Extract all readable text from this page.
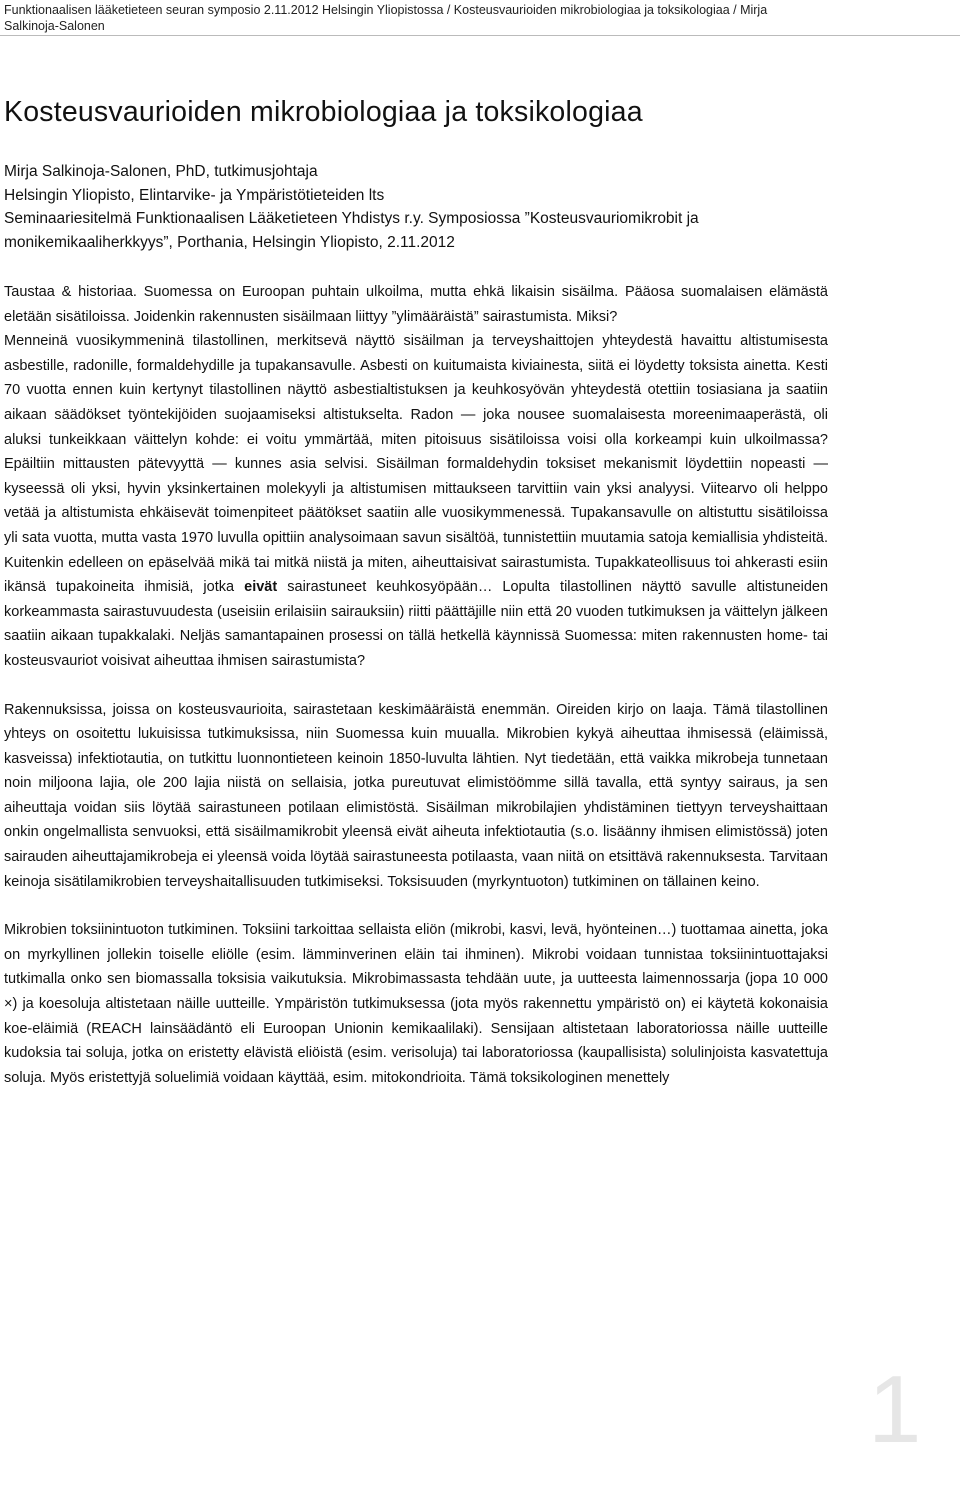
Funktionaalisen lääketieteen seuran symposio 2.11.2012 Helsingin Yliopistossa / Kosteusvaurioiden mikrobiologiaa ja toksikologiaa / Mirja
Salkinoja-Salonen
Kosteusvaurioiden mikrobiologiaa ja toksikologiaa
Mirja Salkinoja-Salonen, PhD, tutkimusjohtaja
Helsingin Yliopisto, Elintarvike- ja Ympäristötieteiden lts
Seminaariesitelmä Funktionaalisen Lääketieteen Yhdistys r.y. Symposiossa ”Kosteusvauriomikrobit ja
monikemikaaliherkkyys”, Porthania, Helsingin Yliopisto, 2.11.2012

Taustaa & historiaa. Suomessa on Euroopan puhtain ulkoilma, mutta ehkä likaisin sisäilma. Pääosa suomalaisen elämästä eletään sisätiloissa. Joidenkin rakennusten sisäilmaan liittyy ”ylimääräistä” sairastumista. Miksi?

Menneinä vuosikymmeninä tilastollinen, merkitsevä näyttö sisäilman ja terveyshaittojen yhteydestä havaittu altistumisesta asbestille, radonille, formaldehydille ja tupakansavulle. Asbesti on kuitumaista kiviainesta, siitä ei löydetty toksista ainetta. Kesti 70 vuotta ennen kuin kertynyt tilastollinen näyttö asbestialtistuksen ja keuhkosyövän yhteydestä otettiin tosiasiana ja saatiin aikaan säädökset työntekijöiden suojaamiseksi altistukselta. Radon — joka nousee suomalaisesta moreenimaaperästä, oli aluksi tunkeikkaan väittelyn kohde: ei voitu ymmärtää, miten pitoisuus sisätiloissa voisi olla korkeampi kuin ulkoilmassa? Epäiltiin mittausten pätevyyttä — kunnes asia selvisi. Sisäilman formaldehydin toksiset mekanismit löydettiin nopeasti — kyseessä oli yksi, hyvin yksinkertainen molekyyli ja altistumisen mittaukseen tarvittiin vain yksi analyysi. Viitearvo oli helppo vetää ja altistumista ehkäisevät toimenpiteet päätökset saatiin alle vuosikymmenessä. Tupakansavulle on altistuttu sisätiloissa yli sata vuotta, mutta vasta 1970 luvulla opittiin analysoimaan savun sisältöä, tunnistettiin muutamia satoja kemiallisia yhdisteitä. Kuitenkin edelleen on epäselvää mikä tai mitkä niistä ja miten, aiheuttaisivat sairastumista. Tupakkateollisuus toi ahkerasti esiin ikänsä tupakoineita ihmisiä, jotka eivät sairastuneet keuhkosyöpään… Lopulta tilastollinen näyttö savulle altistuneiden korkeammasta sairastuvuudesta (useisiin erilaisiin sairauksiin) riitti päättäjille niin että 20 vuoden tutkimuksen ja väittelyn jälkeen saatiin aikaan tupakkalaki. Neljäs samantapainen prosessi on tällä hetkellä käynnissä Suomessa: miten rakennusten home- tai kosteusvauriot voisivat aiheuttaa ihmisen sairastumista?

Rakennuksissa, joissa on kosteusvaurioita, sairastetaan keskimääräistä enemmän. Oireiden kirjo on laaja. Tämä tilastollinen yhteys on osoitettu lukuisissa tutkimuksissa, niin Suomessa kuin muualla. Mikrobien kykyä aiheuttaa ihmisessä (eläimissä, kasveissa) infektiotautia, on tutkittu luonnontieteen keinoin 1850-luvulta lähtien. Nyt tiedetään, että vaikka mikrobeja tunnetaan noin miljoona lajia, ole 200 lajia niistä on sellaisia, jotka pureutuvat elimistöömme sillä tavalla, että syntyy sairaus, ja sen aiheuttaja voidan siis löytää sairastuneen potilaan elimistöstä. Sisäilman mikrobilajien yhdistäminen tiettyyn terveyshaittaan onkin ongelmallista senvuoksi, että sisäilmamikrobit yleensä eivät aiheuta infektiotautia (s.o. lisäänny ihmisen elimistössä) joten sairauden aiheuttajamikrobeja ei yleensä voida löytää sairastuneesta potilaasta, vaan niitä on etsittävä rakennuksesta. Tarvitaan keinoja sisätilamikrobien terveyshaitallisuuden tutkimiseksi. Toksisuuden (myrkyntuoton) tutkiminen on tällainen keino.

Mikrobien toksiinintuoton tutkiminen. Toksiini tarkoittaa sellaista eliön (mikrobi, kasvi, levä, hyönteinen…) tuottamaa ainetta, joka on myrkyllinen jollekin toiselle eliölle (esim. lämminverinen eläin tai ihminen). Mikrobi voidaan tunnistaa toksiinintuottajaksi tutkimalla onko sen biomassalla toksisia vaikutuksia. Mikrobimassasta tehdään uute, ja uutteesta laimennossarja (jopa 10 000 ×) ja koesoluja altistetaan näille uutteille. Ympäristön tutkimuksessa (jota myös rakennettu ympäristö on) ei käytetä kokonaisia koe-eläimiä (REACH lainsäädäntö eli Euroopan Unionin kemikaalilaki). Sensijaan altistetaan laboratoriossa näille uutteille kudoksia tai soluja, jotka on eristetty elävistä eliöistä (esim. verisoluja) tai laboratoriossa (kaupallisista) solulinjoista kasvatettuja soluja. Myös eristettyjä soluelimiä voidaan käyttää, esim. mitokondrioita. Tämä toksikologinen menettely

1
